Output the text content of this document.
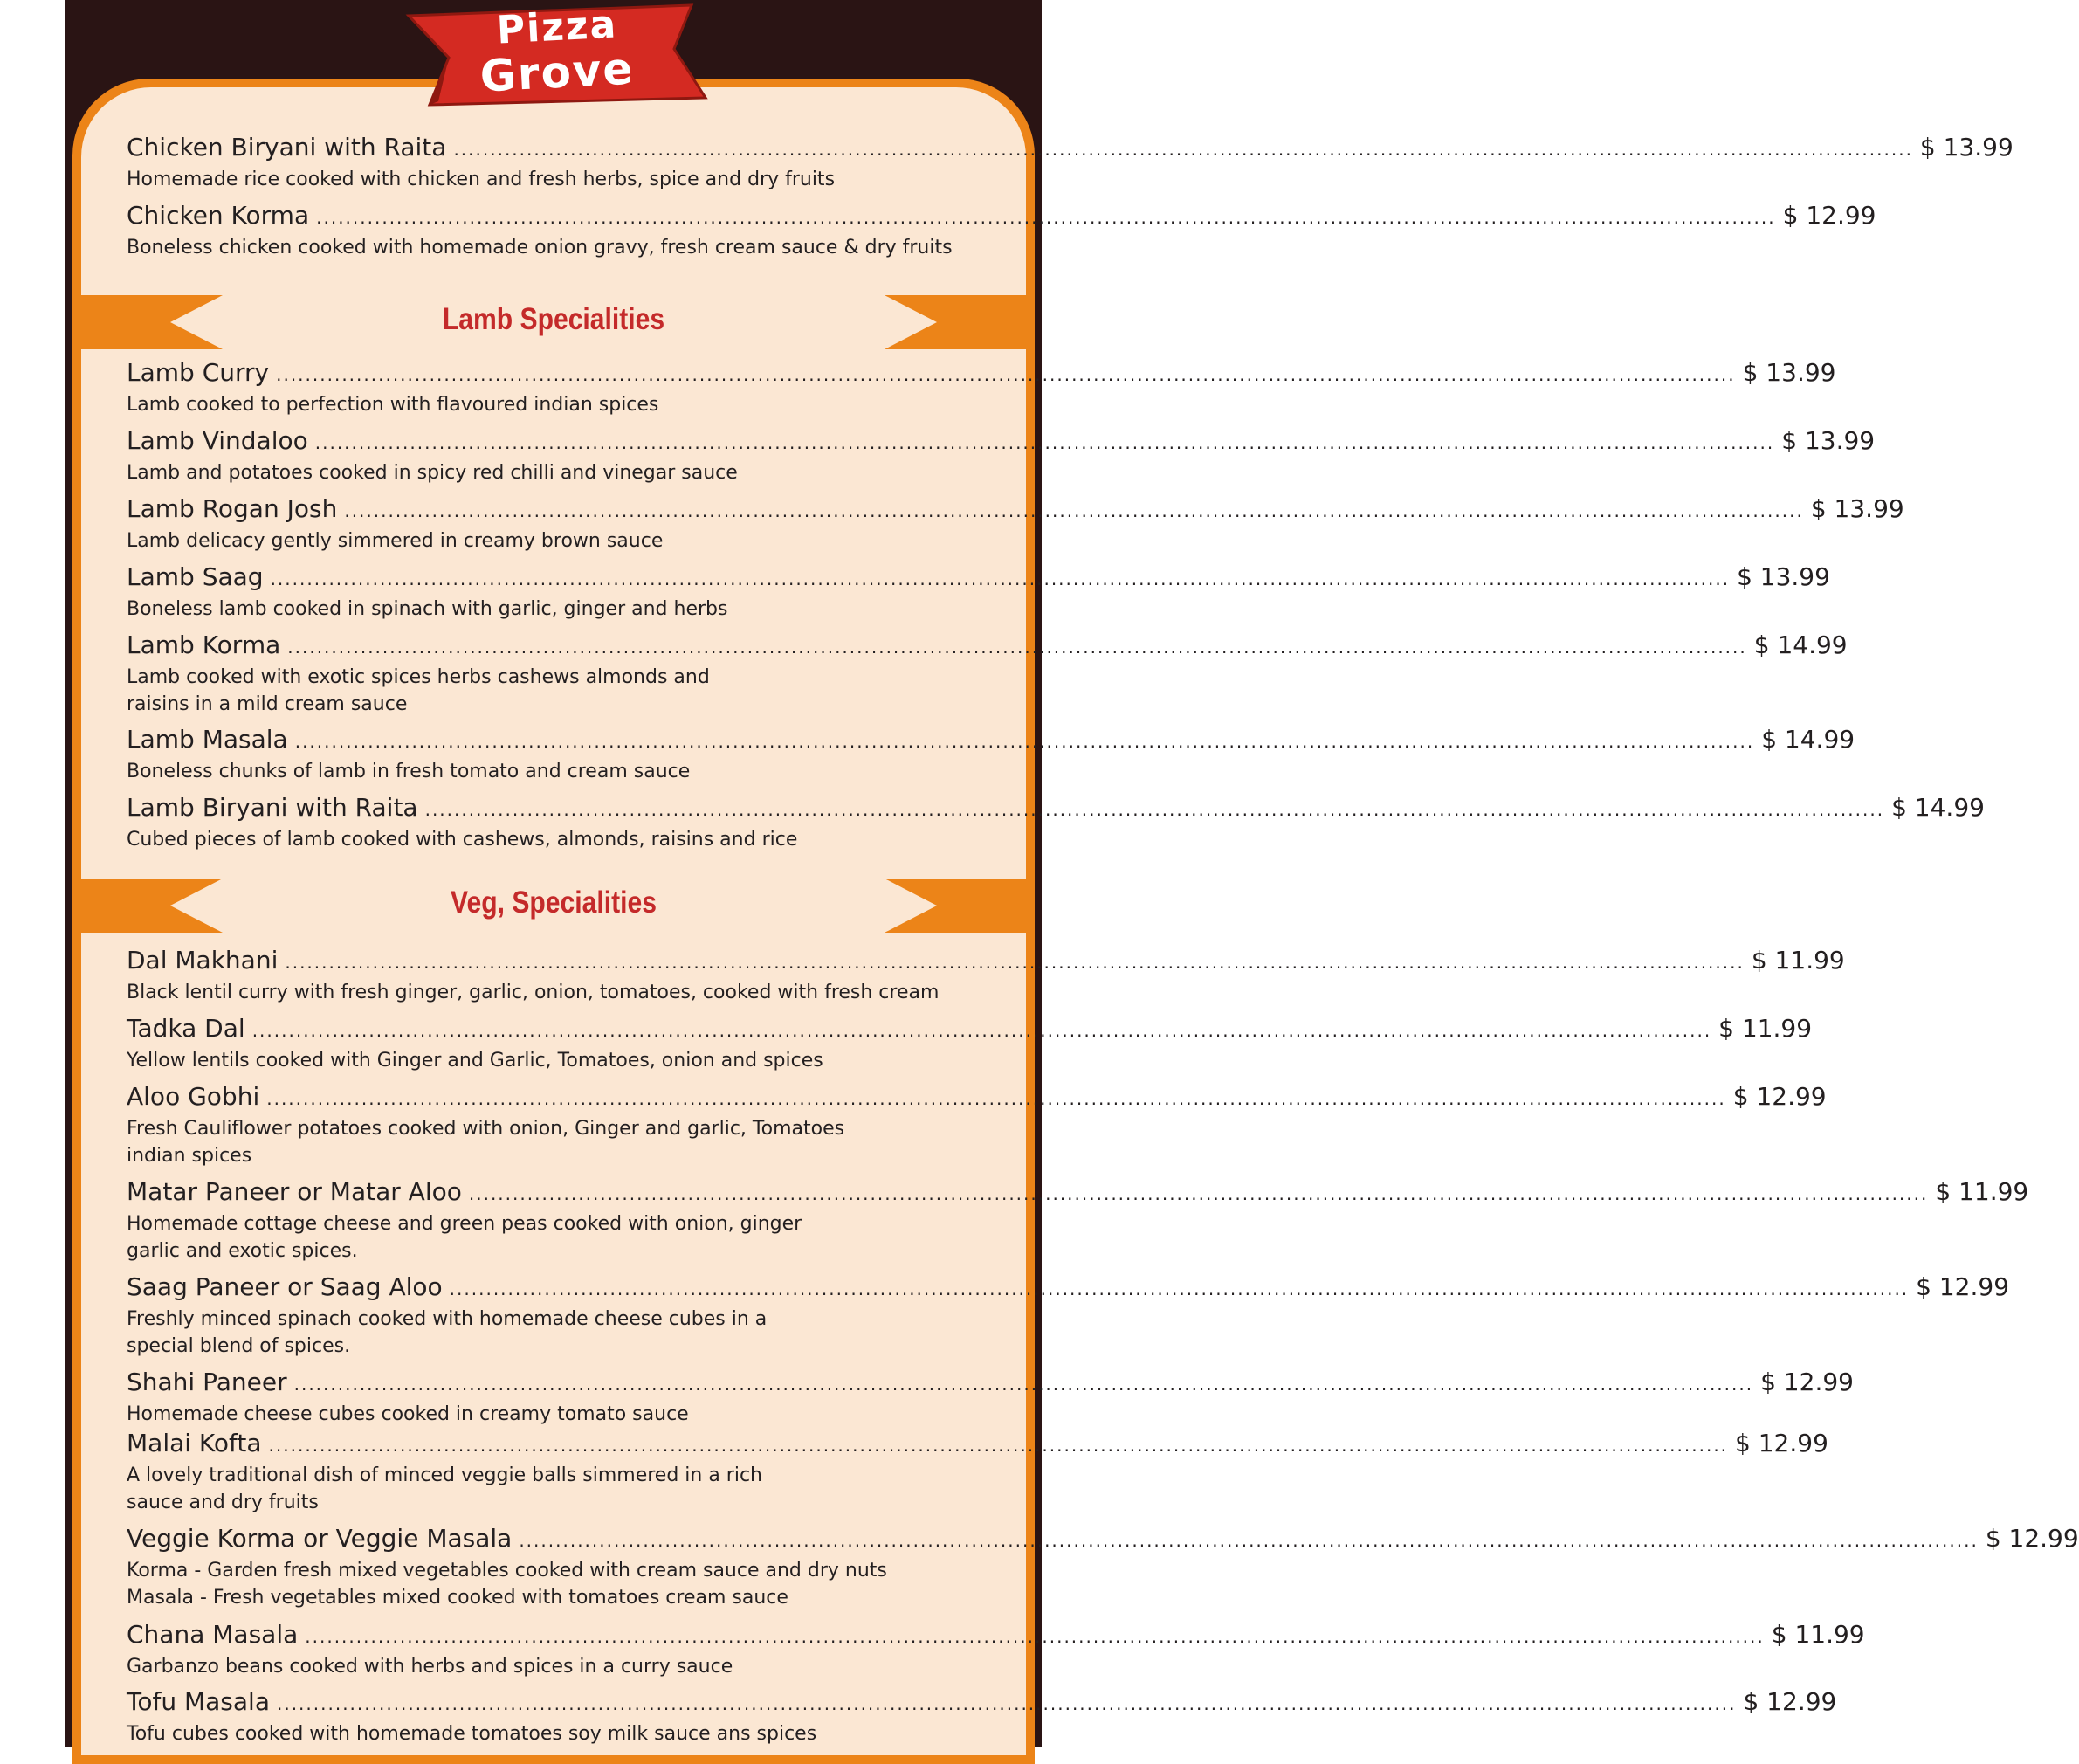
Lamb Specialities
Veg, Specialities
Pizza
Grove
Chicken Biryani with Raita ........................................................................................................................................................................................................ $ 13.99
Homemade rice cooked with chicken and fresh herbs, spice and dry fruits
Chicken Korma ........................................................................................................................................................................................................ $ 12.99
Boneless chicken cooked with homemade onion gravy, fresh cream sauce & dry fruits
Lamb Curry ........................................................................................................................................................................................................ $ 13.99
Lamb cooked to perfection with flavoured indian spices
Lamb Vindaloo ........................................................................................................................................................................................................ $ 13.99
Lamb and potatoes cooked in spicy red chilli and vinegar sauce
Lamb Rogan Josh ........................................................................................................................................................................................................ $ 13.99
Lamb delicacy gently simmered in creamy brown sauce
Lamb Saag ........................................................................................................................................................................................................ $ 13.99
Boneless lamb cooked in spinach with garlic, ginger and herbs
Lamb Korma ........................................................................................................................................................................................................ $ 14.99
Lamb cooked with exotic spices herbs cashews almonds and
raisins in a mild cream sauce
Lamb Masala ........................................................................................................................................................................................................ $ 14.99
Boneless chunks of lamb in fresh tomato and cream sauce
Lamb Biryani with Raita ........................................................................................................................................................................................................ $ 14.99
Cubed pieces of lamb cooked with cashews, almonds, raisins and rice
Dal Makhani ........................................................................................................................................................................................................ $ 11.99
Black lentil curry with fresh ginger, garlic, onion, tomatoes, cooked with fresh cream
Tadka Dal ........................................................................................................................................................................................................ $ 11.99
Yellow lentils cooked with Ginger and Garlic, Tomatoes, onion and spices
Aloo Gobhi ........................................................................................................................................................................................................ $ 12.99
Fresh Cauliflower potatoes cooked with onion, Ginger and garlic, Tomatoes
indian spices
Matar Paneer or Matar Aloo ........................................................................................................................................................................................................ $ 11.99
Homemade cottage cheese and green peas cooked with onion, ginger
garlic and exotic spices.
Saag Paneer or Saag Aloo ........................................................................................................................................................................................................ $ 12.99
Freshly minced spinach cooked with homemade cheese cubes in a
special blend of spices.
Shahi Paneer ........................................................................................................................................................................................................ $ 12.99
Homemade cheese cubes cooked in creamy tomato sauce
Malai Kofta ........................................................................................................................................................................................................ $ 12.99
A lovely traditional dish of minced veggie balls simmered in a rich
sauce and dry fruits
Veggie Korma or Veggie Masala ........................................................................................................................................................................................................ $ 12.99
Korma - Garden fresh mixed vegetables cooked with cream sauce and dry nuts
Masala - Fresh vegetables mixed cooked with tomatoes cream sauce
Chana Masala ........................................................................................................................................................................................................ $ 11.99
Garbanzo beans cooked with herbs and spices in a curry sauce
Tofu Masala ........................................................................................................................................................................................................ $ 12.99
Tofu cubes cooked with homemade tomatoes soy milk sauce ans spices
